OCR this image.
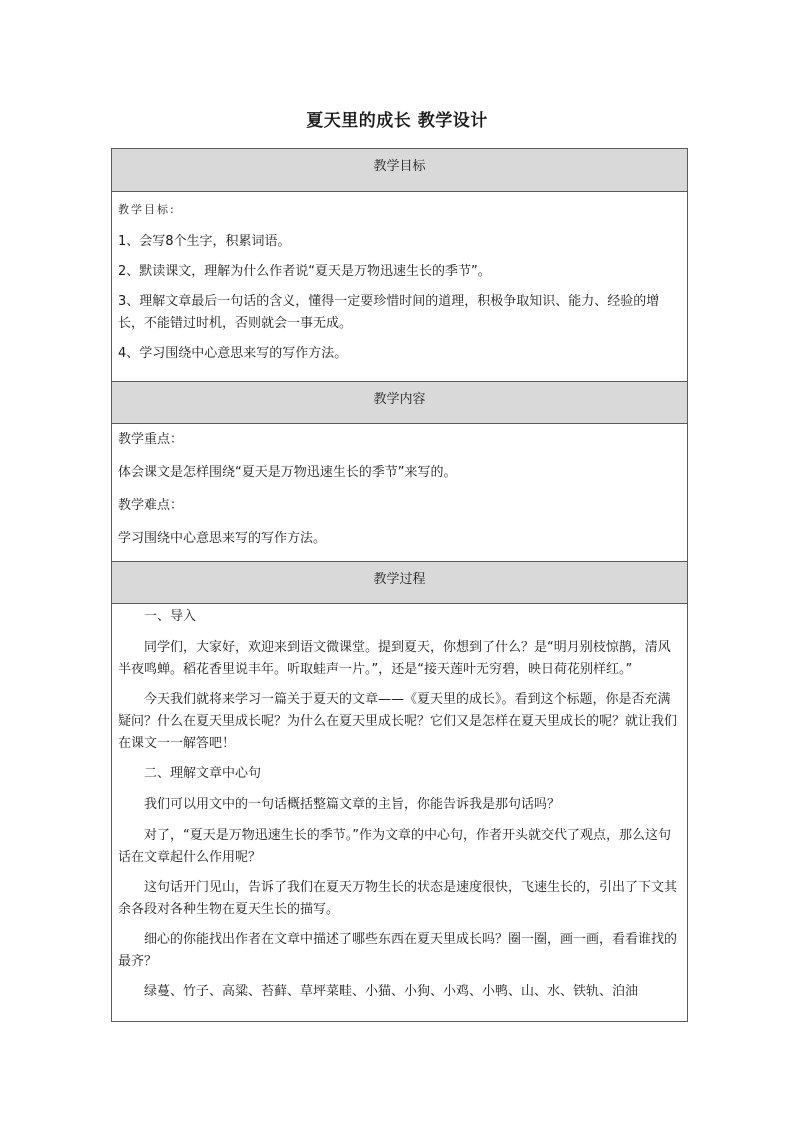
夏天里的成长 教学设计
教学目标

教学目标:

1、会写8个生字，积累词语。

2、默读课文，理解为什么作者说“夏天是万物迅速生长的季节”。

3、理解文章最后一句话的含义，懂得一定要珍惜时间的道理，积极争取知识、能力、经验的增长，不能错过时机，否则就会一事无成。

4、学习围绕中心意思来写的写作方法。

教学内容

教学重点：

体会课文是怎样围绕“夏天是万物迅速生长的季节”来写的。

教学难点：

学习围绕中心意思来写的写作方法。

教学过程

一、导入

同学们，大家好，欢迎来到语文微课堂。提到夏天，你想到了什么？是“明月别枝惊鹊，清风半夜鸣蝉。稻花香里说丰年。听取蛙声一片。”，还是“接天莲叶无穷碧，映日荷花别样红。”

今天我们就将来学习一篇关于夏天的文章——《夏天里的成长》。看到这个标题，你是否充满疑问？什么在夏天里成长呢？为什么在夏天里成长呢？它们又是怎样在夏天里成长的呢？就让我们在课文一一解答吧！

二、理解文章中心句

我们可以用文中的一句话概括整篇文章的主旨，你能告诉我是那句话吗？

对了，“夏天是万物迅速生长的季节。”作为文章的中心句，作者开头就交代了观点，那么这句话在文章起什么作用呢？

这句话开门见山，告诉了我们在夏天万物生长的状态是速度很快，飞速生长的，引出了下文其余各段对各种生物在夏天生长的描写。

细心的你能找出作者在文章中描述了哪些东西在夏天里成长吗？圈一圈，画一画，看看谁找的最齐？

绿蔓、竹子、高粱、苔藓、草坪菜畦、小猫、小狗、小鸡、小鸭、山、水、铁轨、泊油
